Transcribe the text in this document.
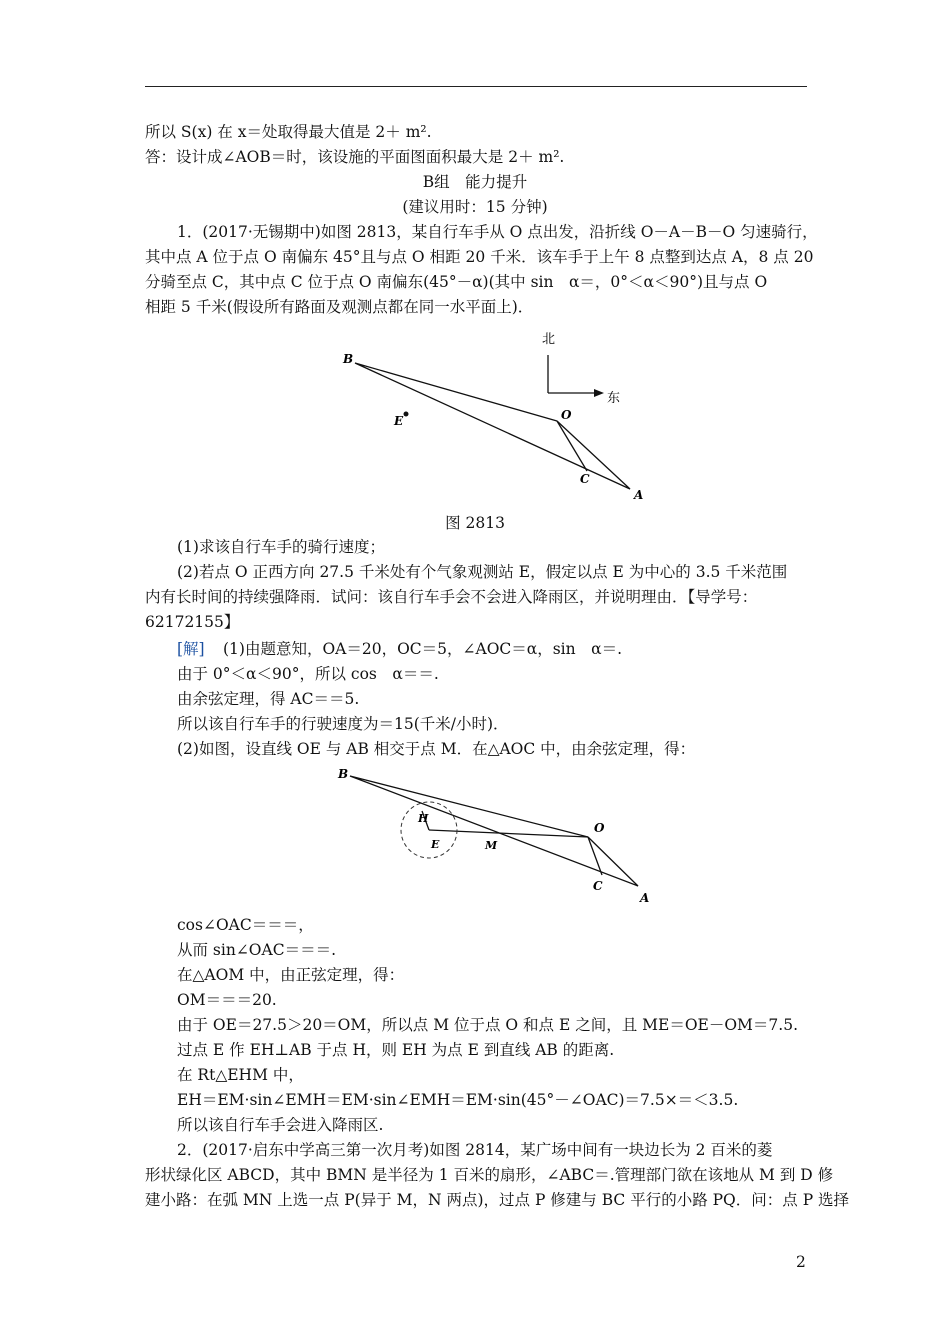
所以 S(x) 在 x＝处取得最大值是 2＋ m².
答：设计成∠AOB＝时，该设施的平面图面积最大是 2＋ m².
B组　能力提升
(建议用时：15 分钟)
1．(2017·无锡期中)如图 2813，某自行车手从 O 点出发，沿折线 O－A－B－O 匀速骑行，
其中点 A 位于点 O 南偏东 45°且与点 O 相距 20 千米．该车手于上午 8 点整到达点 A，8 点 20
分骑至点 C，其中点 C 位于点 O 南偏东(45°－α)(其中 sin　α＝，0°＜α＜90°)且与点 O
相距 5 千米(假设所有路面及观测点都在同一水平面上)．
北
东
B
E	O
C
A
图 2813
(1)求该自行车手的骑行速度；
(2)若点 O 正西方向 27.5 千米处有个气象观测站 E，假定以点 E 为中心的 3.5 千米范围
内有长时间的持续强降雨．试问：该自行车手会不会进入降雨区，并说明理由．【导学号：
62172155】
[解] (1)由题意知，OA＝20，OC＝5，∠AOC＝α，sin　α＝.
由于 0°＜α＜90°，所以 cos　α＝＝.
由余弦定理，得 AC＝＝5.
所以该自行车手的行驶速度为＝15(千米/小时)．
(2)如图，设直线 OE 与 AB 相交于点 M．在△AOC 中，由余弦定理，得：
B
H
E	M
O
C
A
cos∠OAC＝＝＝，
从而 sin∠OAC＝＝＝.
在△AOM 中，由正弦定理，得：
OM＝＝＝20.
由于 OE＝27.5＞20＝OM，所以点 M 位于点 O 和点 E 之间，且 ME＝OE－OM＝7.5.
过点 E 作 EH⊥AB 于点 H，则 EH 为点 E 到直线 AB 的距离.
在 Rt△EHM 中，
EH＝EM·sin∠EMH＝EM·sin∠EMH＝EM·sin(45°－∠OAC)＝7.5×＝＜3.5.
所以该自行车手会进入降雨区.
2．(2017·启东中学高三第一次月考)如图 2814，某广场中间有一块边长为 2 百米的菱
形状绿化区 ABCD，其中 BMN 是半径为 1 百米的扇形，∠ABC＝.管理部门欲在该地从 M 到 D 修
建小路：在弧 MN 上选一点 P(异于 M，N 两点)，过点 P 修建与 BC 平行的小路 PQ．问：点 P 选择
2
